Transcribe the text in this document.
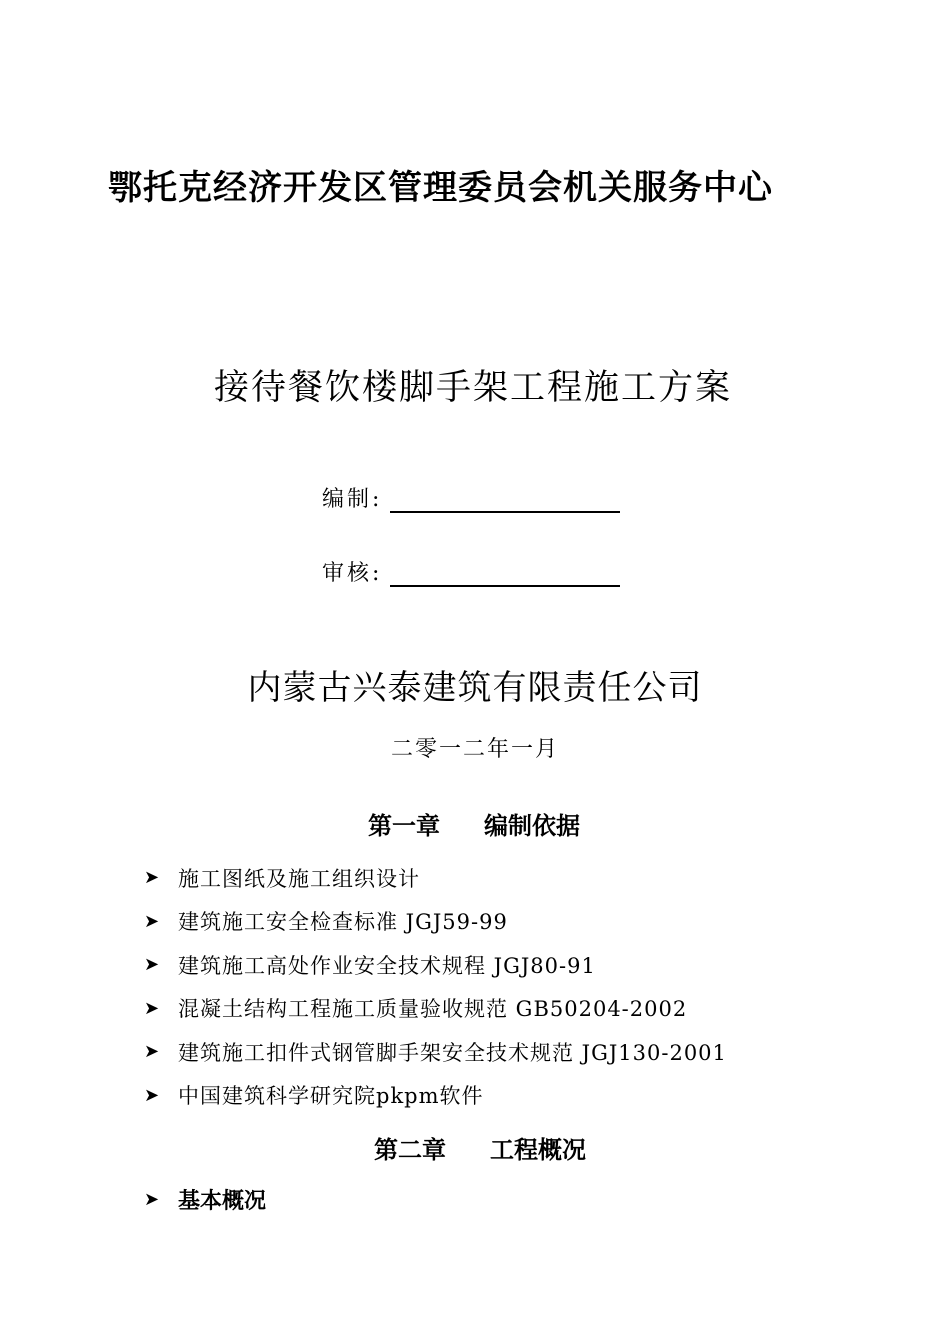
鄂托克经济开发区管理委员会机关服务中心
接待餐饮楼脚手架工程施工方案
编制:
审核:
内蒙古兴泰建筑有限责任公司
二零一二年一月
第一章 编制依据
➤ 施工图纸及施工组织设计
➤ 建筑施工安全检查标准 JGJ59-99
➤ 建筑施工高处作业安全技术规程 JGJ80-91
➤ 混凝土结构工程施工质量验收规范 GB50204-2002
➤ 建筑施工扣件式钢管脚手架安全技术规范 JGJ130-2001
➤ 中国建筑科学研究院pkpm软件
第二章 工程概况
➤ 基本概况
